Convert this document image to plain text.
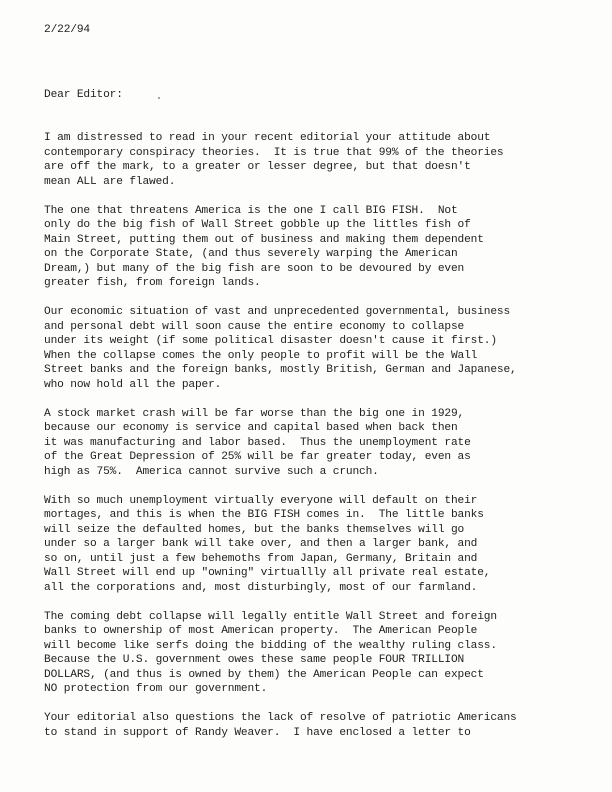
2/22/94

Dear Editor:

I am distressed to read in your recent editorial your attitude about
contemporary conspiracy theories.  It is true that 99% of the theories
are off the mark, to a greater or lesser degree, but that doesn't
mean ALL are flawed.
The one that threatens America is the one I call BIG FISH.  Not
only do the big fish of Wall Street gobble up the littles fish of
Main Street, putting them out of business and making them dependent
on the Corporate State, (and thus severely warping the American
Dream,) but many of the big fish are soon to be devoured by even
greater fish, from foreign lands.
Our economic situation of vast and unprecedented governmental, business
and personal debt will soon cause the entire economy to collapse
under its weight (if some political disaster doesn't cause it first.)
When the collapse comes the only people to profit will be the Wall
Street banks and the foreign banks, mostly British, German and Japanese,
who now hold all the paper.
A stock market crash will be far worse than the big one in 1929,
because our economy is service and capital based when back then
it was manufacturing and labor based.  Thus the unemployment rate
of the Great Depression of 25% will be far greater today, even as
high as 75%.  America cannot survive such a crunch.
With so much unemployment virtually everyone will default on their
mortages, and this is when the BIG FISH comes in.  The little banks
will seize the defaulted homes, but the banks themselves will go
under so a larger bank will take over, and then a larger bank, and
so on, until just a few behemoths from Japan, Germany, Britain and
Wall Street will end up "owning" virtuallly all private real estate,
all the corporations and, most disturbingly, most of our farmland.
The coming debt collapse will legally entitle Wall Street and foreign
banks to ownership of most American property.  The American People
will become like serfs doing the bidding of the wealthy ruling class.
Because the U.S. government owes these same people FOUR TRILLION
DOLLARS, (and thus is owned by them) the American People can expect
NO protection from our government.
Your editorial also questions the lack of resolve of patriotic Americans
to stand in support of Randy Weaver.  I have enclosed a letter to
